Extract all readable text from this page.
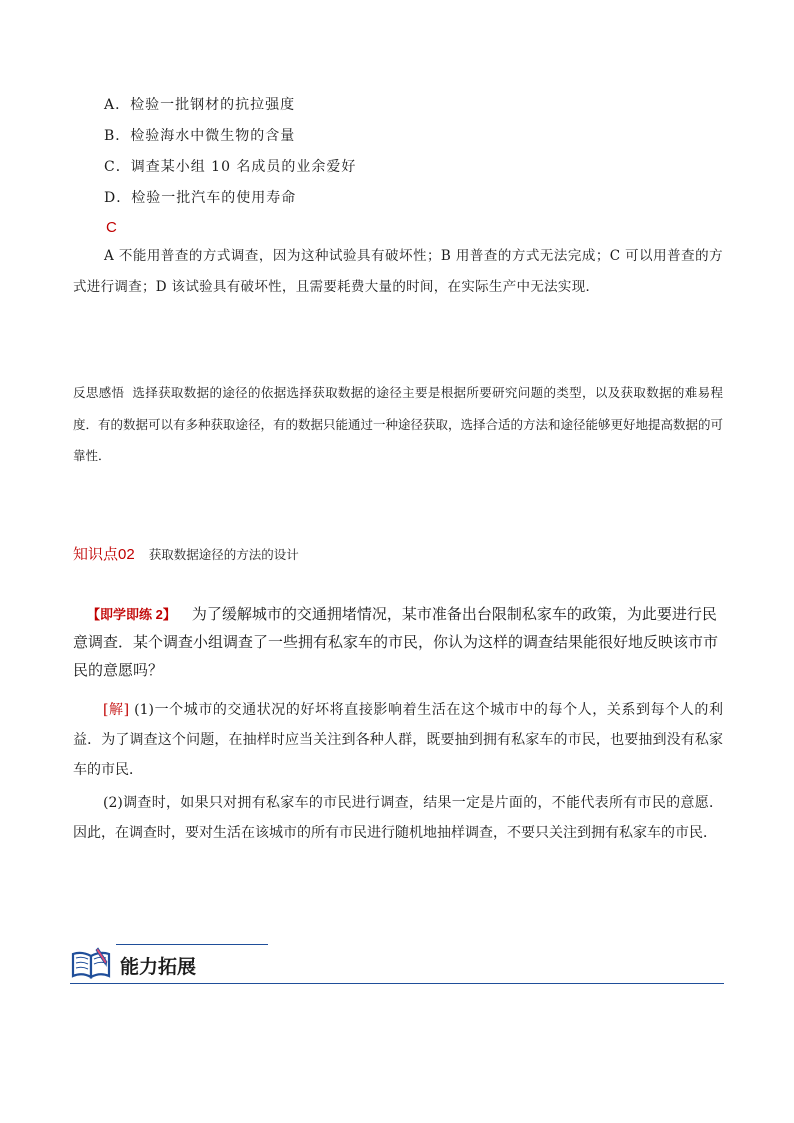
A．检验一批钢材的抗拉强度
B．检验海水中微生物的含量
C．调查某小组 10 名成员的业余爱好
D．检验一批汽车的使用寿命
C
A 不能用普查的方式调查，因为这种试验具有破坏性；B 用普查的方式无法完成；C 可以用普查的方式进行调查；D 该试验具有破坏性，且需要耗费大量的时间，在实际生产中无法实现．
反思感悟 选择获取数据的途径的依据选择获取数据的途径主要是根据所要研究问题的类型，以及获取数据的难易程度．有的数据可以有多种获取途径，有的数据只能通过一种途径获取，选择合适的方法和途径能够更好地提高数据的可靠性．
知识点02 获取数据途径的方法的设计
【即学即练 2】 为了缓解城市的交通拥堵情况，某市准备出台限制私家车的政策，为此要进行民意调查．某个调查小组调查了一些拥有私家车的市民，你认为这样的调查结果能很好地反映该市市民的意愿吗？
[解] (1)一个城市的交通状况的好坏将直接影响着生活在这个城市中的每个人，关系到每个人的利益．为了调查这个问题，在抽样时应当关注到各种人群，既要抽到拥有私家车的市民，也要抽到没有私家车的市民．
(2)调查时，如果只对拥有私家车的市民进行调查，结果一定是片面的，不能代表所有市民的意愿．因此，在调查时，要对生活在该城市的所有市民进行随机地抽样调查，不要只关注到拥有私家车的市民．
能力拓展
